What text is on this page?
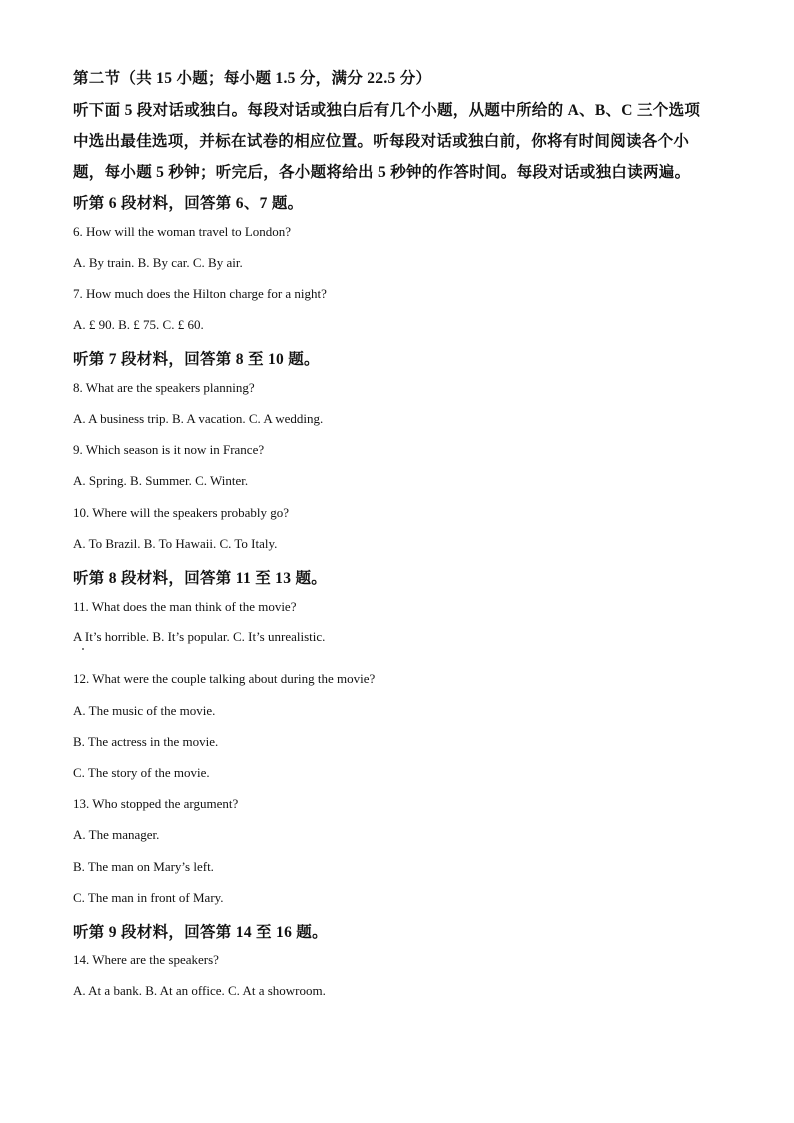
第二节（共 15 小题；每小题 1.5 分，满分 22.5 分）
听下面 5 段对话或独白。每段对话或独白后有几个小题，从题中所给的 A、B、C 三个选项
中选出最佳选项，并标在试卷的相应位置。听每段对话或独白前，你将有时间阅读各个小
题，每小题 5 秒钟；听完后，各小题将给出 5 秒钟的作答时间。每段对话或独白读两遍。
听第 6 段材料，回答第 6、7 题。
6. How will the woman travel to London?
A. By train. B. By car. C. By air.
7. How much does the Hilton charge for a night?
A. £ 90. B. £ 75. C. £ 60.
听第 7 段材料，回答第 8 至 10 题。
8. What are the speakers planning?
A. A business trip. B. A vacation. C. A wedding.
9. Which season is it now in France?
A. Spring. B. Summer. C. Winter.
10. Where will the speakers probably go?
A. To Brazil. B. To Hawaii. C. To Italy.
听第 8 段材料，回答第 11 至 13 题。
11. What does the man think of the movie?
A It’s horrible. B. It’s popular. C. It’s unrealistic.
12. What were the couple talking about during the movie?
A. The music of the movie.
B. The actress in the movie.
C. The story of the movie.
13. Who stopped the argument?
A. The manager.
B. The man on Mary’s left.
C. The man in front of Mary.
听第 9 段材料，回答第 14 至 16 题。
14. Where are the speakers?
A. At a bank. B. At an office. C. At a showroom.
